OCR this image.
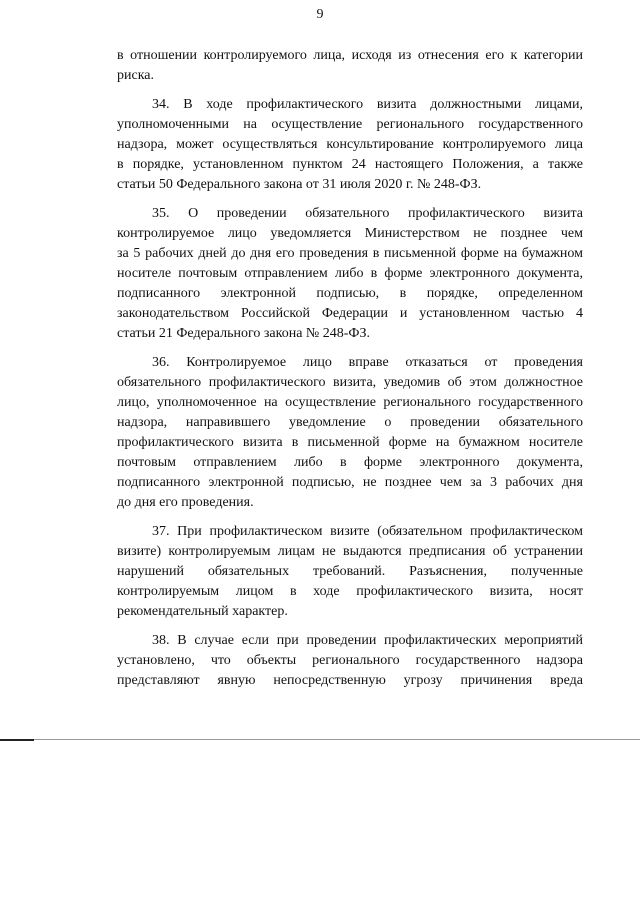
9
в отношении контролируемого лица, исходя из отнесения его к категории
риска.
34. В ходе профилактического визита должностными лицами,
уполномоченными на осуществление регионального государственного
надзора, может осуществляться консультирование контролируемого лица
в порядке, установленном пунктом 24 настоящего Положения, а также
статьи 50 Федерального закона от 31 июля 2020 г. № 248-ФЗ.
35. О проведении обязательного профилактического визита
контролируемое лицо уведомляется Министерством не позднее чем
за 5 рабочих дней до дня его проведения в письменной форме на бумажном
носителе почтовым отправлением либо в форме электронного документа,
подписанного электронной подписью, в порядке, определенном
законодательством Российской Федерации и установленном частью 4
статьи 21 Федерального закона № 248-ФЗ.
36. Контролируемое лицо вправе отказаться от проведения
обязательного профилактического визита, уведомив об этом должностное
лицо, уполномоченное на осуществление регионального государственного
надзора, направившего уведомление о проведении обязательного
профилактического визита в письменной форме на бумажном носителе
почтовым отправлением либо в форме электронного документа,
подписанного электронной подписью, не позднее чем за 3 рабочих дня
до дня его проведения.
37. При профилактическом визите (обязательном профилактическом
визите) контролируемым лицам не выдаются предписания об устранении
нарушений обязательных требований. Разъяснения, полученные
контролируемым лицом в ходе профилактического визита, носят
рекомендательный характер.
38. В случае если при проведении профилактических мероприятий
установлено, что объекты регионального государственного надзора
представляют явную непосредственную угрозу причинения вреда
